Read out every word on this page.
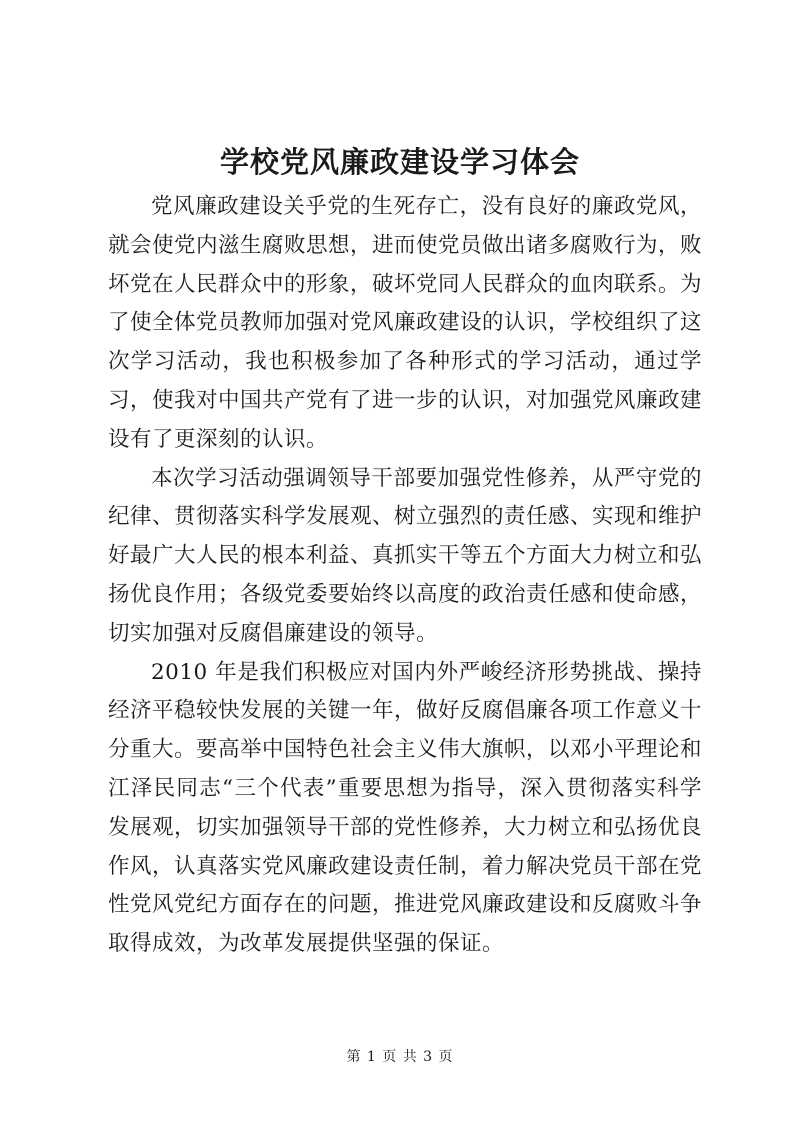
学校党风廉政建设学习体会

党风廉政建设关乎党的生死存亡，没有良好的廉政党风，就会使党内滋生腐败思想，进而使党员做出诸多腐败行为，败坏党在人民群众中的形象，破坏党同人民群众的血肉联系。为了使全体党员教师加强对党风廉政建设的认识，学校组织了这次学习活动，我也积极参加了各种形式的学习活动，通过学习，使我对中国共产党有了进一步的认识，对加强党风廉政建设有了更深刻的认识。

本次学习活动强调领导干部要加强党性修养，从严守党的纪律、贯彻落实科学发展观、树立强烈的责任感、实现和维护好最广大人民的根本利益、真抓实干等五个方面大力树立和弘扬优良作用；各级党委要始终以高度的政治责任感和使命感，切实加强对反腐倡廉建设的领导。

2010 年是我们积极应对国内外严峻经济形势挑战、操持经济平稳较快发展的关键一年，做好反腐倡廉各项工作意义十分重大。要高举中国特色社会主义伟大旗帜，以邓小平理论和江泽民同志“三个代表”重要思想为指导，深入贯彻落实科学发展观，切实加强领导干部的党性修养，大力树立和弘扬优良作风，认真落实党风廉政建设责任制，着力解决党员干部在党性党风党纪方面存在的问题，推进党风廉政建设和反腐败斗争取得成效，为改革发展提供坚强的保证。

第 1 页 共 3 页
